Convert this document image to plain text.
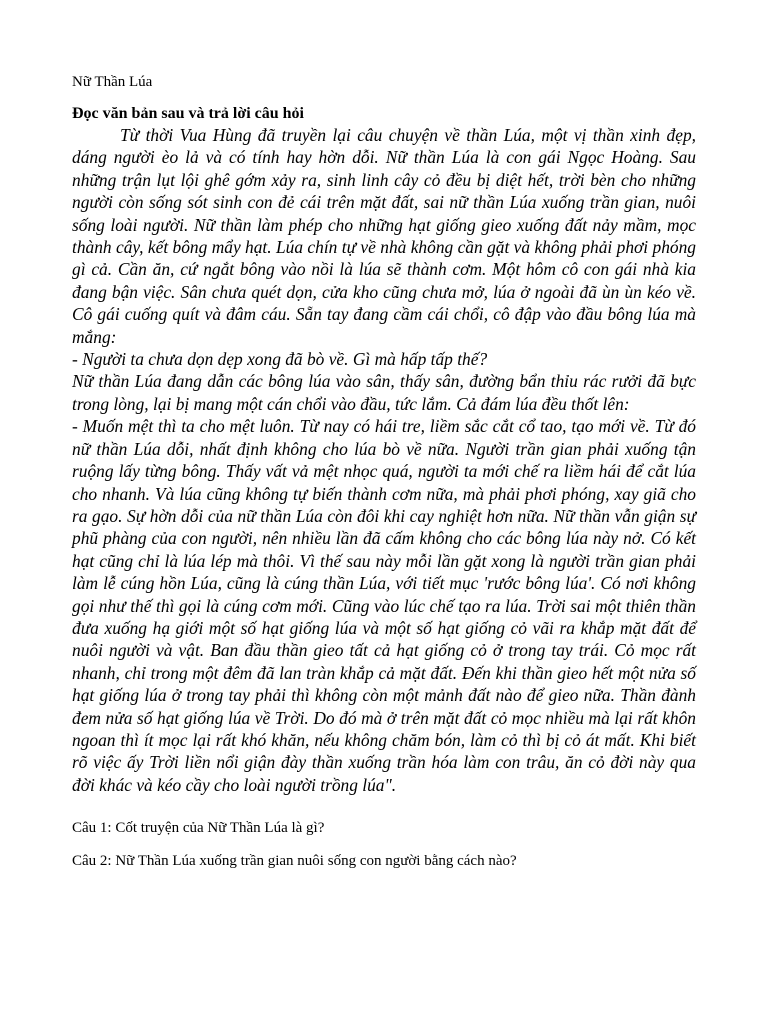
Nữ Thần Lúa
Đọc văn bản sau và trả lời câu hỏi

Từ thời Vua Hùng đã truyền lại câu chuyện về thần Lúa, một vị thần xinh đẹp, dáng người èo lả và có tính hay hờn dỗi. Nữ thần Lúa là con gái Ngọc Hoàng. Sau những trận lụt lội ghê gớm xảy ra, sinh linh cây cỏ đều bị diệt hết, trời bèn cho những người còn sống sót sinh con đẻ cái trên mặt đất, sai nữ thần Lúa xuống trần gian, nuôi sống loài người. Nữ thần làm phép cho những hạt giống gieo xuống đất nảy mầm, mọc thành cây, kết bông mẩy hạt. Lúa chín tự về nhà không cần gặt và không phải phơi phóng gì cả. Cần ăn, cứ ngắt bông vào nồi là lúa sẽ thành cơm. Một hôm cô con gái nhà kia đang bận việc. Sân chưa quét dọn, cửa kho cũng chưa mở, lúa ở ngoài đã ùn ùn kéo về. Cô gái cuống quít và đâm cáu. Sẵn tay đang cầm cái chổi, cô đập vào đầu bông lúa mà mắng:

- Người ta chưa dọn dẹp xong đã bò về. Gì mà hấp tấp thế?

Nữ thần Lúa đang dẫn các bông lúa vào sân, thấy sân, đường bẩn thỉu rác rưởi đã bực trong lòng, lại bị mang một cán chổi vào đầu, tức lắm. Cả đám lúa đều thốt lên:

- Muốn mệt thì ta cho mệt luôn. Từ nay có hái tre, liềm sắc cắt cổ tao, tạo mới về. Từ đó nữ thần Lúa dỗi, nhất định không cho lúa bò về nữa. Người trần gian phải xuống tận ruộng lấy từng bông. Thấy vất vả mệt nhọc quá, người ta mới chế ra liềm hái để cắt lúa cho nhanh. Và lúa cũng không tự biến thành cơm nữa, mà phải phơi phóng, xay giã cho ra gạo. Sự hờn dỗi của nữ thần Lúa còn đôi khi cay nghiệt hơn nữa. Nữ thần vẫn giận sự phũ phàng của con người, nên nhiều lần đã cấm không cho các bông lúa này nở. Có kết hạt cũng chỉ là lúa lép mà thôi. Vì thế sau này mỗi lần gặt xong là người trần gian phải làm lễ cúng hồn Lúa, cũng là cúng thần Lúa, với tiết mục 'rước bông lúa'. Có nơi không gọi như thế thì gọi là cúng cơm mới. Cũng vào lúc chế tạo ra lúa. Trời sai một thiên thần đưa xuống hạ giới một số hạt giống lúa và một số hạt giống cỏ vãi ra khắp mặt đất để nuôi người và vật. Ban đầu thần gieo tất cả hạt giống cỏ ở trong tay trái. Cỏ mọc rất nhanh, chỉ trong một đêm đã lan tràn khắp cả mặt đất. Đến khi thần gieo hết một nửa số hạt giống lúa ở trong tay phải thì không còn một mảnh đất nào để gieo nữa. Thần đành đem nửa số hạt giống lúa về Trời. Do đó mà ở trên mặt đất cỏ mọc nhiều mà lại rất khôn ngoan thì ít mọc lại rất khó khăn, nếu không chăm bón, làm cỏ thì bị cỏ át mất. Khi biết rõ việc ấy Trời liền nổi giận đày thần xuống trần hóa làm con trâu, ăn cỏ đời này qua đời khác và kéo cầy cho loài người trồng lúa".

Câu 1: Cốt truyện của Nữ Thần Lúa là gì?
Câu 2: Nữ Thần Lúa xuống trần gian nuôi sống con người bằng cách nào?
